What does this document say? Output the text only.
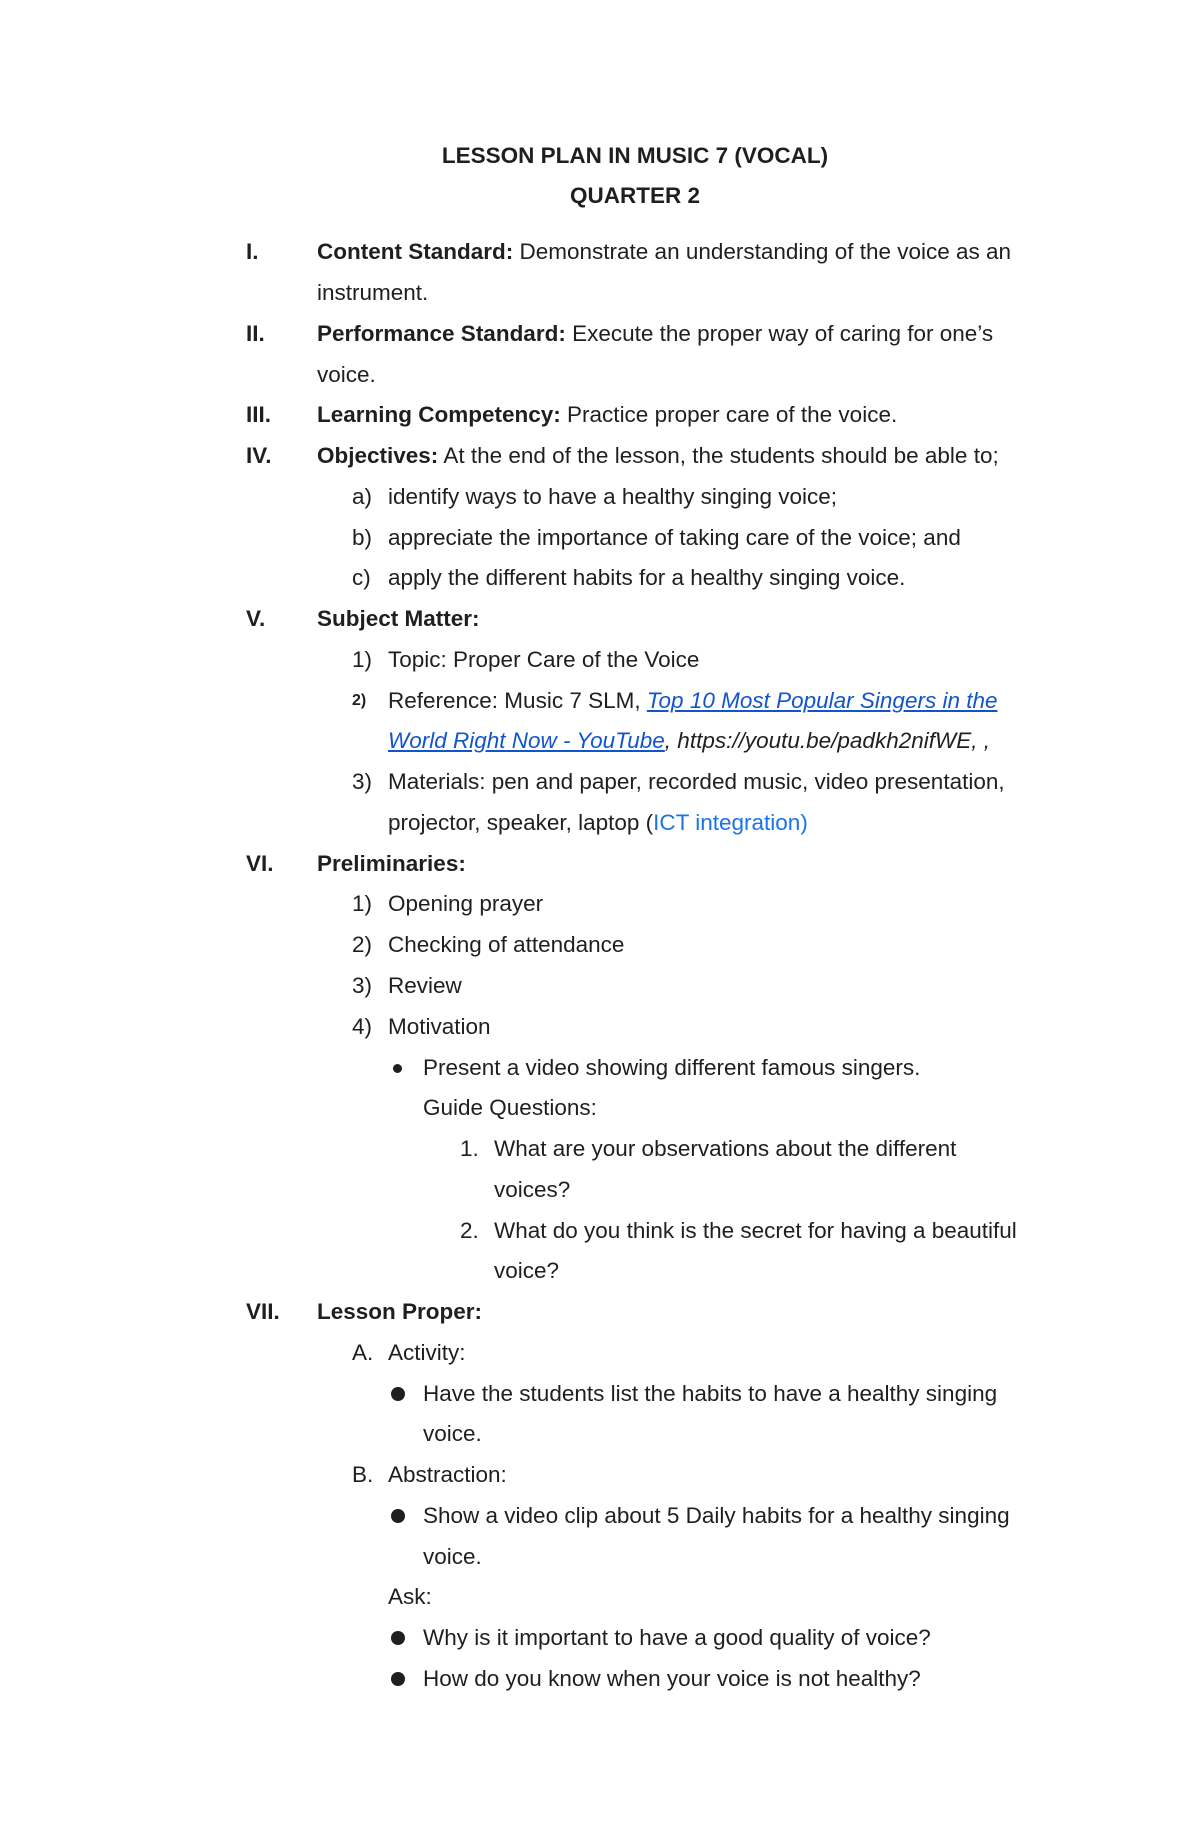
LESSON PLAN IN MUSIC 7 (VOCAL)
QUARTER 2
I.	Content Standard: Demonstrate an understanding of the voice as an
instrument.
II. Performance Standard: Execute the proper way of caring for one’s
voice.
III. Learning Competency: Practice proper care of the voice.
IV. Objectives: At the end of the lesson, the students should be able to;
a) identify ways to have a healthy singing voice;
b) appreciate the importance of taking care of the voice; and
c) apply the different habits for a healthy singing voice.
V. Subject Matter:
1) Topic: Proper Care of the Voice
2) Reference: Music 7 SLM, Top 10 Most Popular Singers in the
World Right Now - YouTube, https://youtu.be/padkh2nifWE, ,
3) Materials: pen and paper, recorded music, video presentation,
projector, speaker, laptop (ICT integration)
VI. Preliminaries:
1) Opening prayer
2) Checking of attendance
3) Review
4) Motivation
Present a video showing different famous singers.
Guide Questions:
1. What are your observations about the different
voices?
2. What do you think is the secret for having a beautiful
voice?
VII. Lesson Proper:
A. Activity:
Have the students list the habits to have a healthy singing
voice.
B. Abstraction:
Show a video clip about 5 Daily habits for a healthy singing
voice.
Ask:
Why is it important to have a good quality of voice?
How do you know when your voice is not healthy?
